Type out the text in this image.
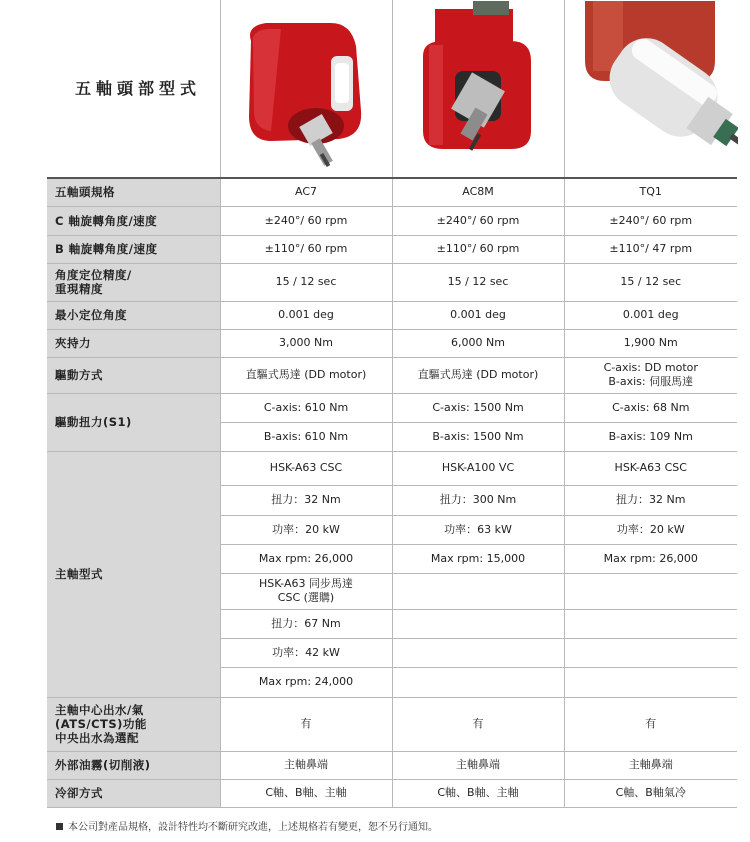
五軸頭部型式	

五軸頭規格	AC7	AC8M	TQ1
C 軸旋轉角度/速度	±240°/ 60 rpm	±240°/ 60 rpm	±240°/ 60 rpm
B 軸旋轉角度/速度	±110°/ 60 rpm	±110°/ 60 rpm	±110°/ 47 rpm

角度定位精度/
重現精度	15 / 12 sec	15 / 12 sec	15 / 12 sec
最小定位角度	0.001 deg	0.001 deg	0.001 deg
夾持力	3,000 Nm	6,000 Nm	1,900 Nm
驅動方式	直驅式馬達 (DD motor)	直驅式馬達 (DD motor)	C-axis: DD motor
B-axis: 伺服馬達

驅動扭力(S1)	C-axis: 610 Nm	C-axis: 1500 Nm	C-axis: 68 Nm
	B-axis: 610 Nm	B-axis: 1500 Nm	B-axis: 109 Nm
主軸型式	HSK-A63 CSC	HSK-A100 VC	HSK-A63 CSC
	扭力：32 Nm	扭力：300 Nm	扭力：32 Nm
	功率：20 kW	功率：63 kW	功率：20 kW
	Max rpm: 26,000	Max rpm: 15,000	Max rpm: 26,000

	HSK-A63 同步馬達
CSC (選購)		

	扭力：67 Nm		
	功率：42 kW		
	Max rpm: 24,000		

主軸中心出水/氣
(ATS/CTS)功能
中央出水為選配	有	有	有
外部油霧(切削液)	主軸鼻端	主軸鼻端	主軸鼻端
冷卻方式	C軸、B軸、主軸	C軸、B軸、主軸	C軸、B軸氣冷
本公司對產品規格，設計特性均不斷研究改進，上述規格若有變更，恕不另行通知。
